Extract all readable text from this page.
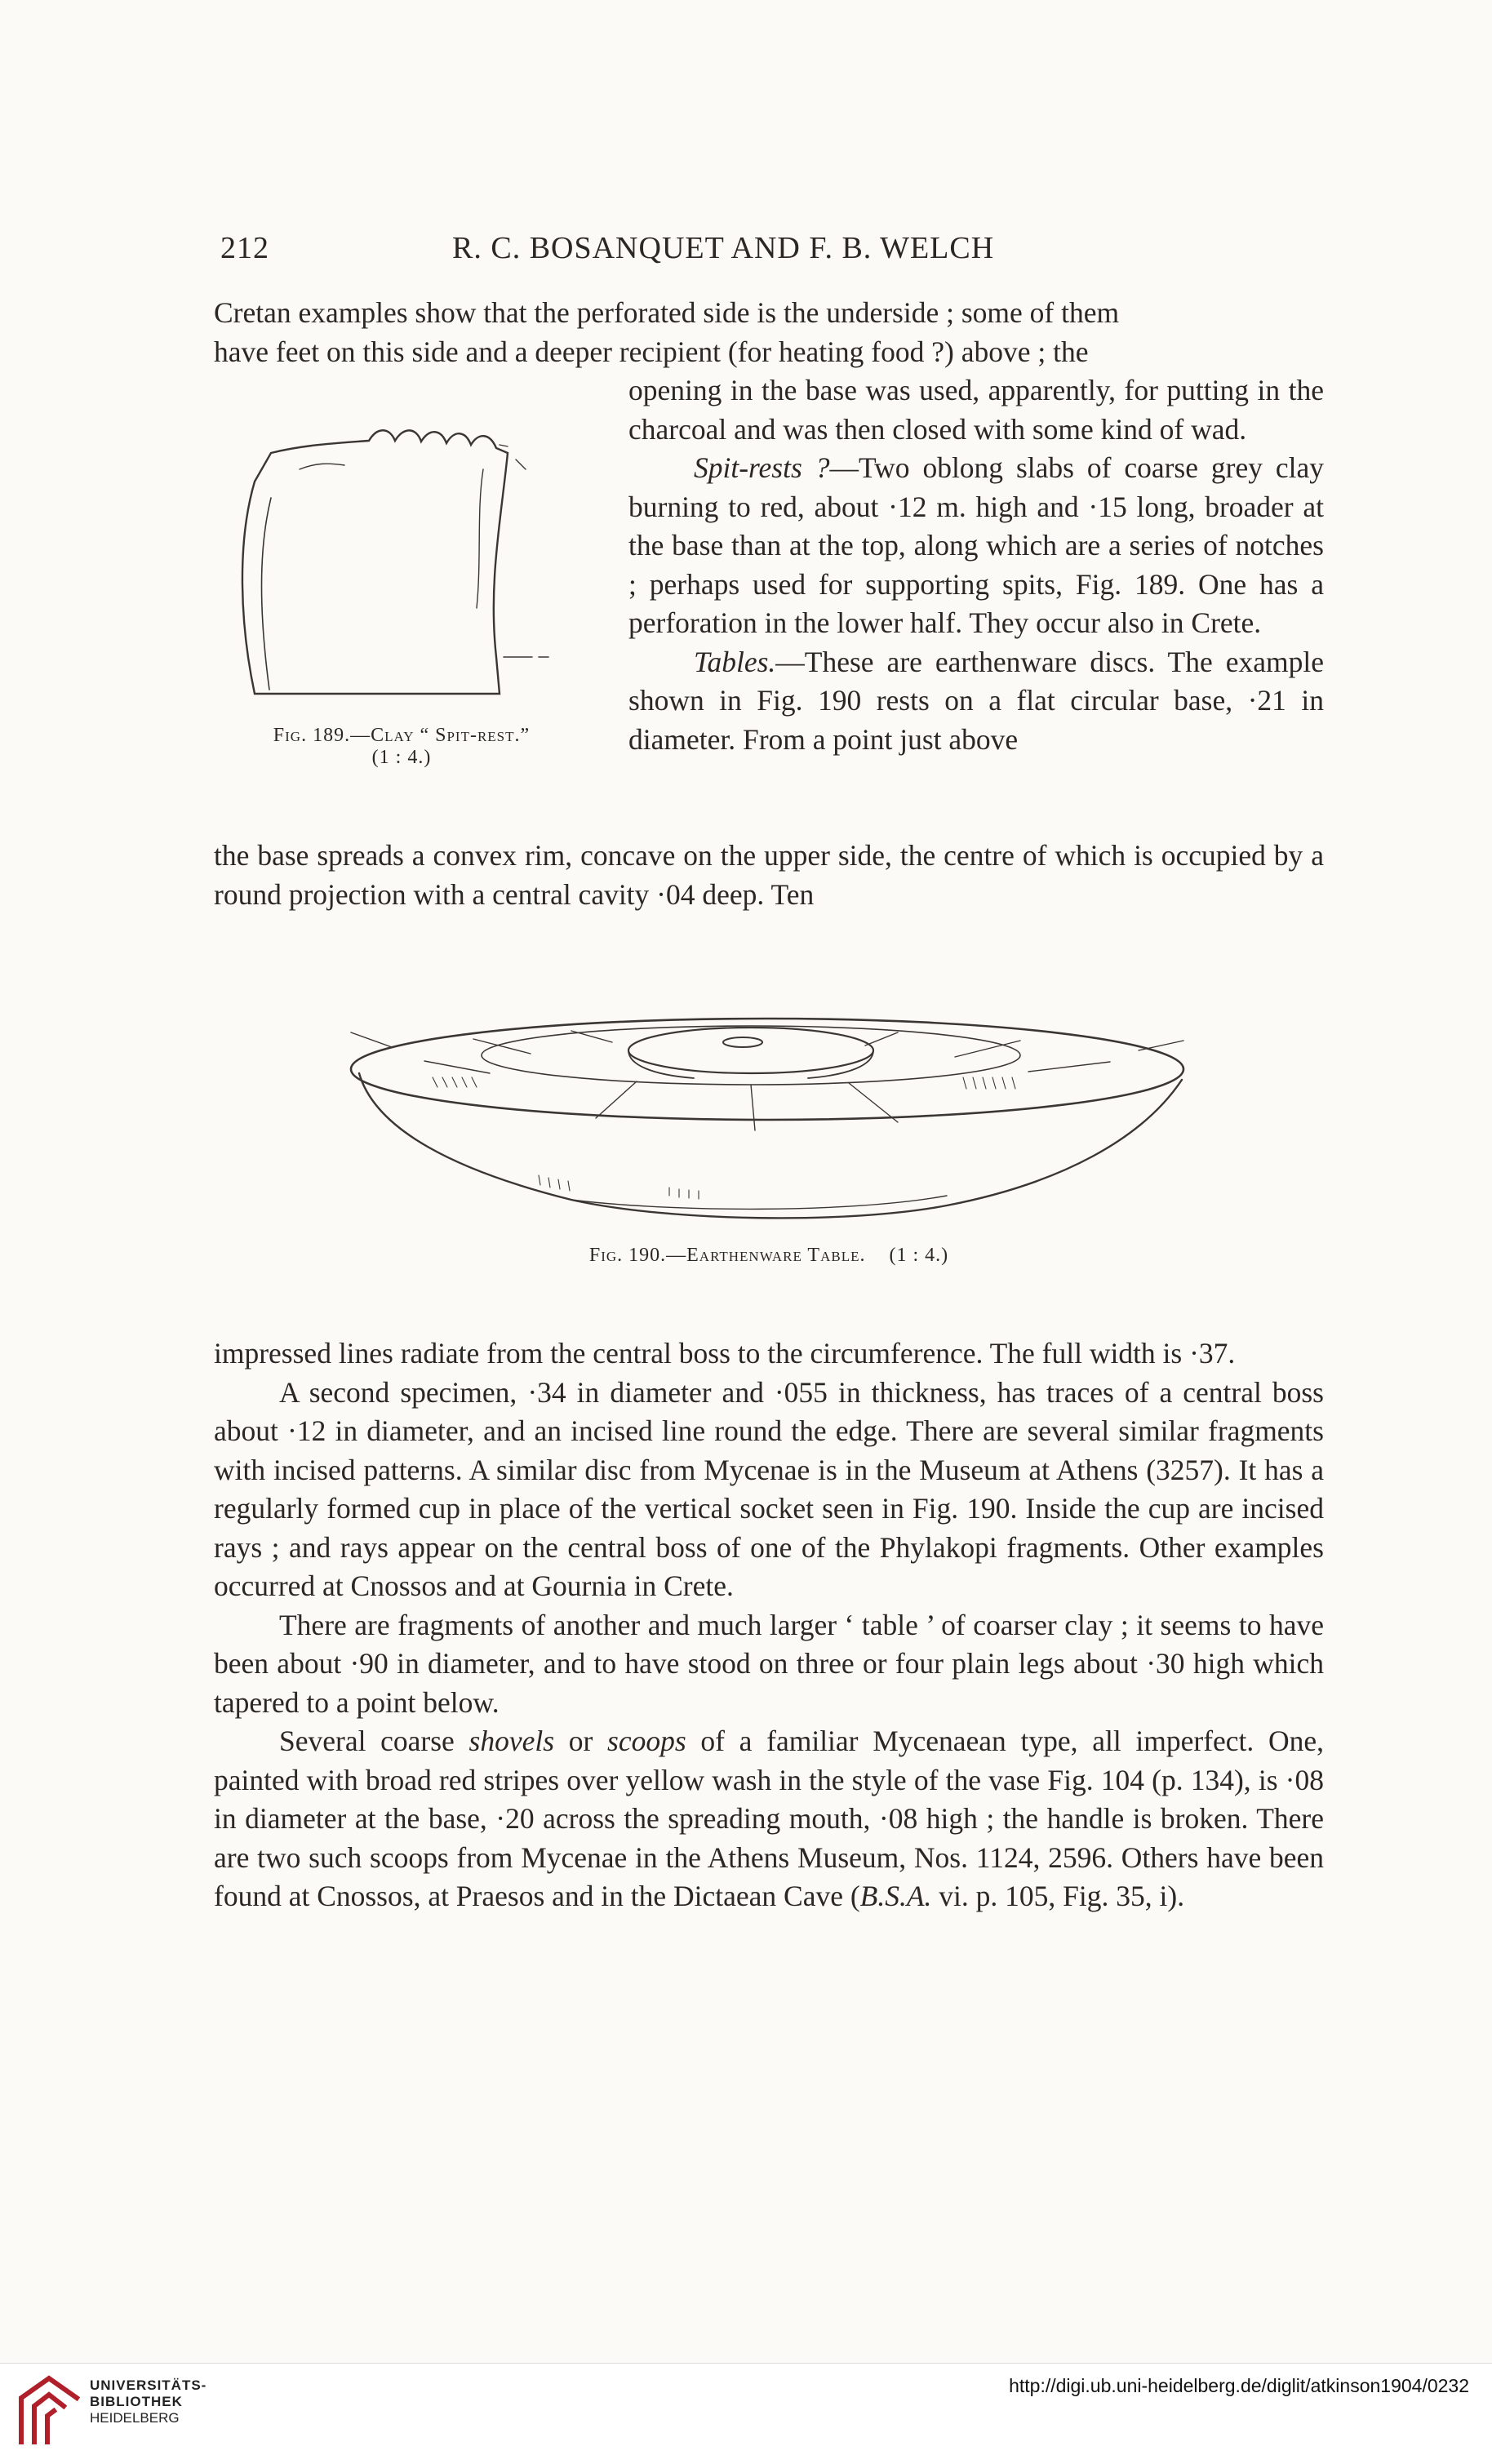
212	R. C. BOSANQUET AND F. B. WELCH

Cretan examples show that the perforated side is the underside ; some of them

have feet on this side and a deeper recipient (for heating food ?) above ; the

Fig. 189.—Clay “ Spit-rest.”
(1 : 4.)

opening in the base was used, apparently, for putting in the charcoal and was then closed with some kind of wad.

Spit-rests ?—Two oblong slabs of coarse grey clay burning to red, about ·12 m. high and ·15 long, broader at the base than at the top, along which are a series of notches ; perhaps used for supporting spits, Fig. 189. One has a perforation in the lower half. They occur also in Crete.

Tables.—These are earthenware discs. The example shown in Fig. 190 rests on a flat circular base, ·21 in diameter. From a point just above

the base spreads a convex rim, concave on the upper side, the centre of which is occupied by a round projection with a central cavity ·04 deep. Ten

Fig. 190.—Earthenware Table. (1 : 4.)

impressed lines radiate from the central boss to the circumference. The full width is ·37.

A second specimen, ·34 in diameter and ·055 in thickness, has traces of a central boss about ·12 in diameter, and an incised line round the edge. There are several similar fragments with incised patterns. A similar disc from Mycenae is in the Museum at Athens (3257). It has a regularly formed cup in place of the vertical socket seen in Fig. 190. Inside the cup are incised rays ; and rays appear on the central boss of one of the Phylakopi fragments. Other examples occurred at Cnossos and at Gournia in Crete.

There are fragments of another and much larger ‘ table ’ of coarser clay ; it seems to have been about ·90 in diameter, and to have stood on three or four plain legs about ·30 high which tapered to a point below.

Several coarse shovels or scoops of a familiar Mycenaean type, all imperfect. One, painted with broad red stripes over yellow wash in the style of the vase Fig. 104 (p. 134), is ·08 in diameter at the base, ·20 across the spreading mouth, ·08 high ; the handle is broken. There are two such scoops from Mycenae in the Athens Museum, Nos. 1124, 2596. Others have been found at Cnossos, at Praesos and in the Dictaean Cave (B.S.A. vi. p. 105, Fig. 35, i).

UNIVERSITÄTS-
BIBLIOTHEK
HEIDELBERG
http://digi.ub.uni-heidelberg.de/diglit/atkinson1904/0232
